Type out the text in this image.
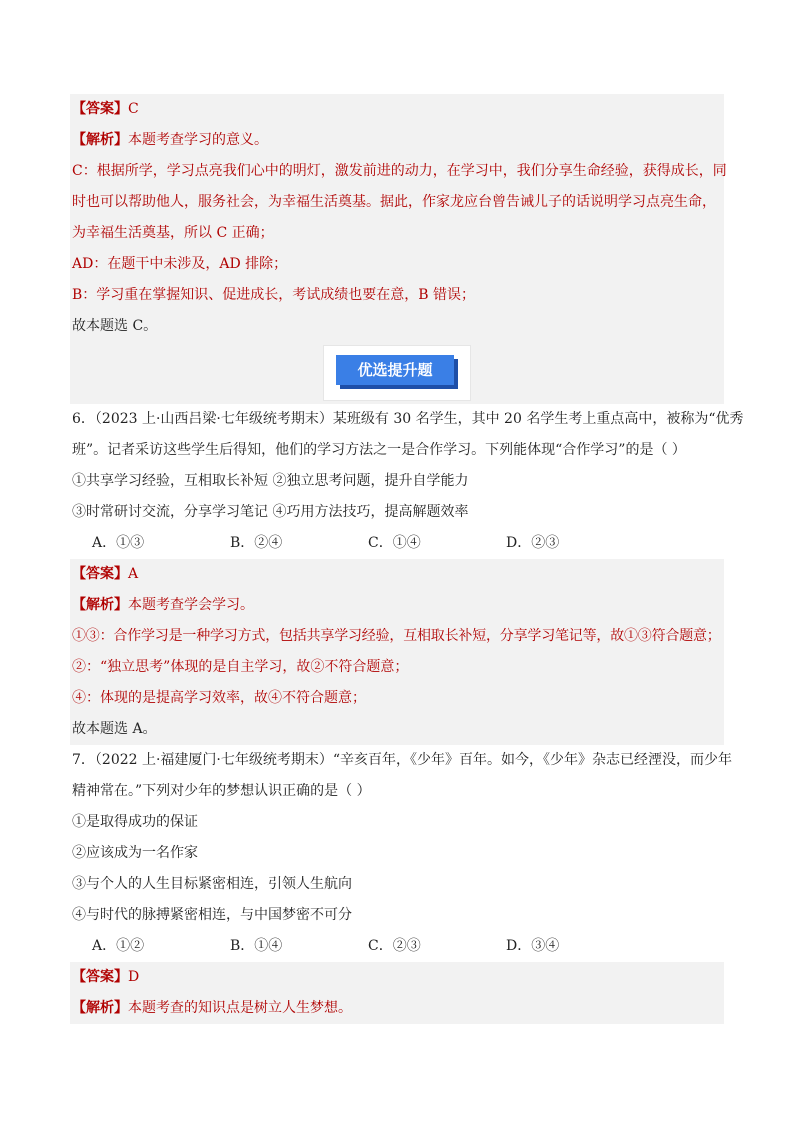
【答案】C
【解析】本题考查学习的意义。
C：根据所学，学习点亮我们心中的明灯，激发前进的动力，在学习中，我们分享生命经验，获得成长，同
时也可以帮助他人，服务社会，为幸福生活奠基。据此，作家龙应台曾告诫儿子的话说明学习点亮生命，
为幸福生活奠基，所以 C 正确；
AD：在题干中未涉及，AD 排除；
B：学习重在掌握知识、促进成长，考试成绩也要在意，B 错误；
故本题选 C。
优选提升题
6．（2023 上·山西吕梁·七年级统考期末）某班级有 30 名学生，其中 20 名学生考上重点高中，被称为“优秀
班”。记者采访这些学生后得知，他们的学习方法之一是合作学习。下列能体现“合作学习”的是（ ）
①共享学习经验，互相取长补短 ②独立思考问题，提升自学能力
③时常研讨交流，分享学习笔记 ④巧用方法技巧，提高解题效率
A．①③	B．②④	C．①④	D．②③
【答案】A
【解析】本题考查学会学习。
①③：合作学习是一种学习方式，包括共享学习经验，互相取长补短，分享学习笔记等，故①③符合题意；
②：“独立思考”体现的是自主学习，故②不符合题意；
④：体现的是提高学习效率，故④不符合题意；
故本题选 A。
7．（2022 上·福建厦门·七年级统考期末）“辛亥百年，《少年》百年。如今，《少年》杂志已经湮没，而少年
精神常在。”下列对少年的梦想认识正确的是（ ）
①是取得成功的保证
②应该成为一名作家
③与个人的人生目标紧密相连，引领人生航向
④与时代的脉搏紧密相连，与中国梦密不可分
A．①②	B．①④	C．②③	D．③④
【答案】D
【解析】本题考查的知识点是树立人生梦想。
